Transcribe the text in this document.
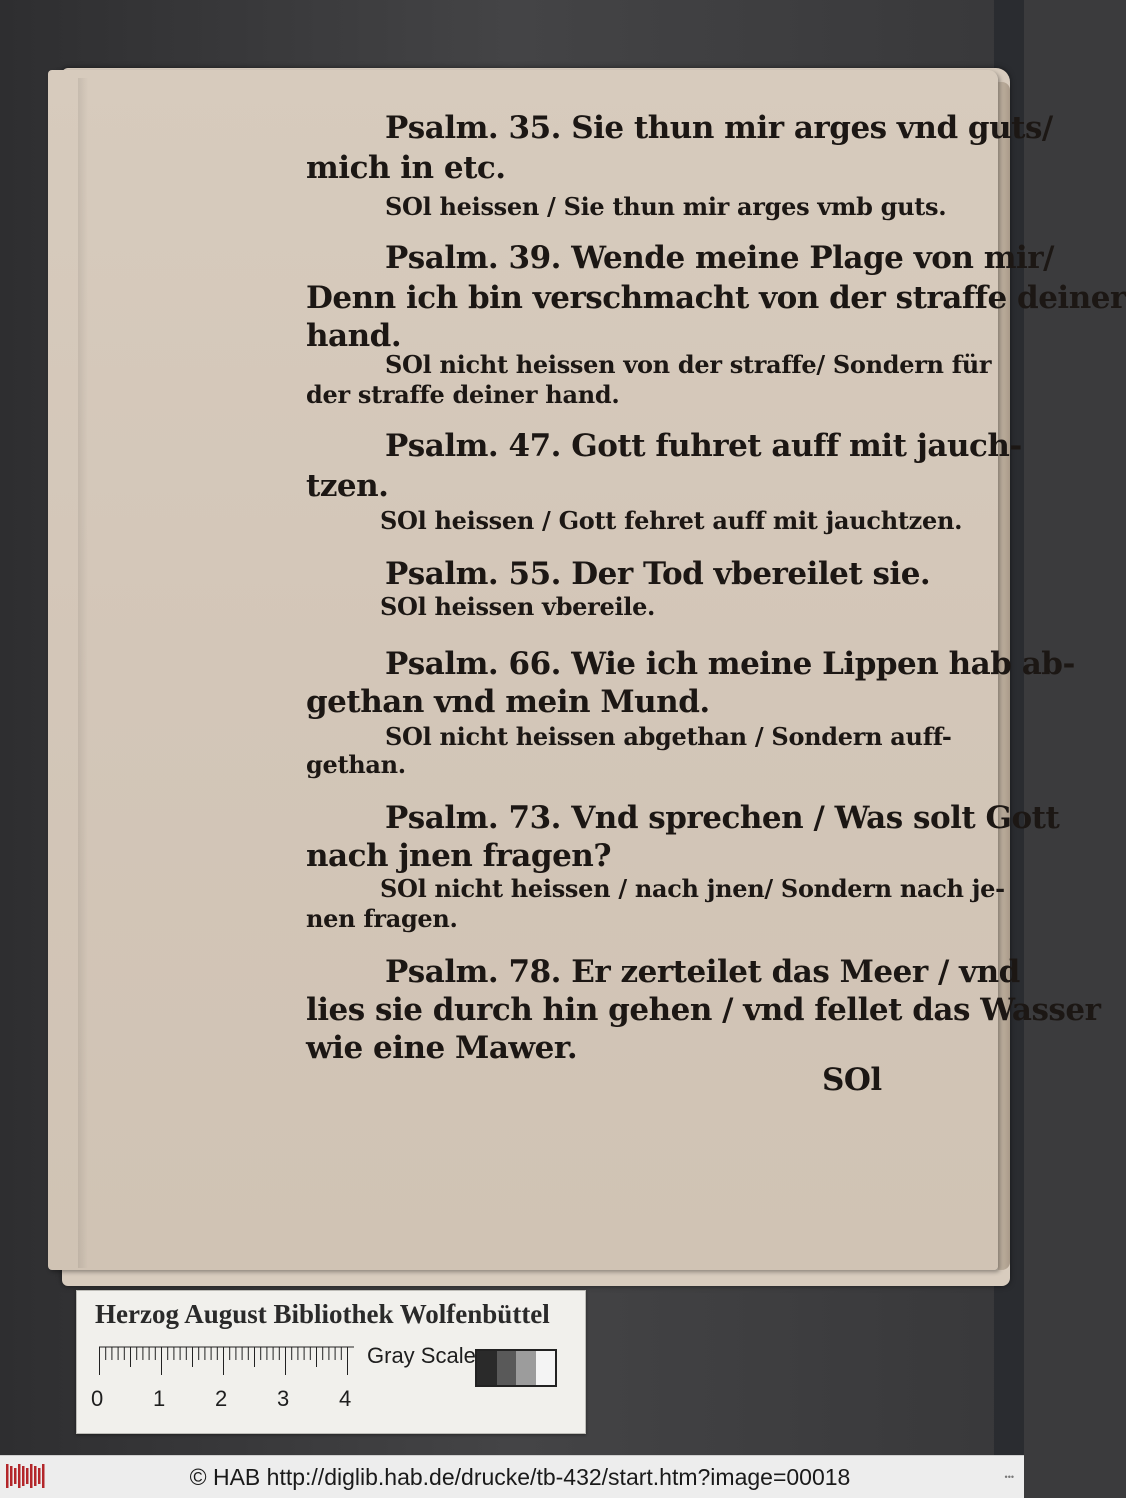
Psalm. 35. Sie thun mir arges vnd guts/
mich in etc.
SOl heissen / Sie thun mir arges vmb guts.
Psalm. 39. Wende meine Plage von mir/
Denn ich bin verschmacht von der straffe deiner
hand.
SOl nicht heissen von der straffe/ Sondern für
der straffe deiner hand.
Psalm. 47. Gott fuhret auff mit jauch-
tzen.
SOl heissen / Gott fehret auff mit jauchtzen.
Psalm. 55. Der Tod vbereilet sie.
SOl heissen vbereile.
Psalm. 66. Wie ich meine Lippen hab ab-
gethan vnd mein Mund.
SOl nicht heissen abgethan / Sondern auff-
gethan.
Psalm. 73. Vnd sprechen / Was solt Gott
nach jnen fragen?
SOl nicht heissen / nach jnen/ Sondern nach je-
nen fragen.
Psalm. 78. Er zerteilet das Meer / vnd
lies sie durch hin gehen / vnd fellet das Wasser
wie eine Mawer.
SOl
Herzog August Bibliothek Wolfenbüttel
0 1 2 3 4
Gray Scale
© HAB http://diglib.hab.de/drucke/tb-432/start.htm?image=00018	•••
